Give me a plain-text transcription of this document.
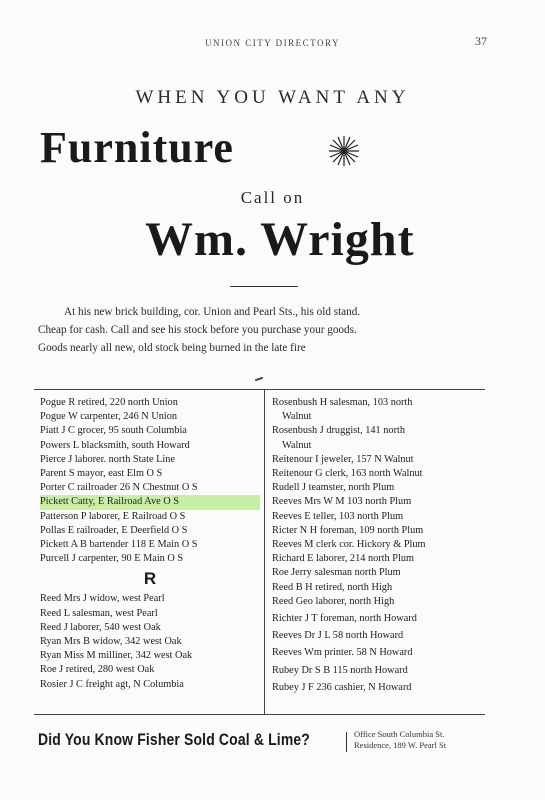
UNION CITY DIRECTORY	37
WHEN YOU WANT ANY
Furniture
Call on
Wm. Wright
At his new brick building, cor. Union and Pearl Sts., his old stand.
Cheap for cash. Call and see his stock before you purchase your goods.
Goods nearly all new, old stock being burned in the late fire
Pogue R retired, 220 north Union
Pogue W carpenter, 246 N Union
Piatt J C grocer, 95 south Columbia
Powers L blacksmith, south Howard
Pierce J laborer. north State Line
Parent S mayor, east Elm O S
Porter C railroader 26 N Chestnut O S
Pickett Catty, E Railroad Ave O S
Patterson P laborer, E Railroad O S
Pollas E railroader, E Deerfield O S
Pickett A B bartender 118 E Main O S
Purcell J carpenter, 90 E Main O S
R
Reed Mrs J widow, west Pearl
Reed L salesman, west Pearl
Reed J laborer, 540 west Oak
Ryan Mrs B widow, 342 west Oak
Ryan Miss M milliner, 342 west Oak
Roe J retired, 280 west Oak
Rosier J C freight agt, N Columbia
Rosenbush H salesman, 103 north
Walnut
Rosenbush J druggist, 141 north
Walnut
Reitenour I jeweler, 157 N Walnut
Reitenour G clerk, 163 north Walnut
Rudell J teamster, north Plum
Reeves Mrs W M 103 north Plum
Reeves E teller, 103 north Plum
Ricter N H foreman, 109 north Plum
Reeves M clerk cor. Hickory & Plum
Richard E laborer, 214 north Plum
Roe Jerry salesman north Plum
Reed B H retired, north High
Reed Geo laborer, north High
Richter J T foreman, north Howard
Reeves Dr J L 58 north Howard
Reeves Wm printer. 58 N Howard
Rubey Dr S B 115 north Howard
Rubey J F 236 cashier, N Howard
Did You Know Fisher Sold Coal & Lime?	Office South Columbia St.
Residence, 189 W. Pearl St
